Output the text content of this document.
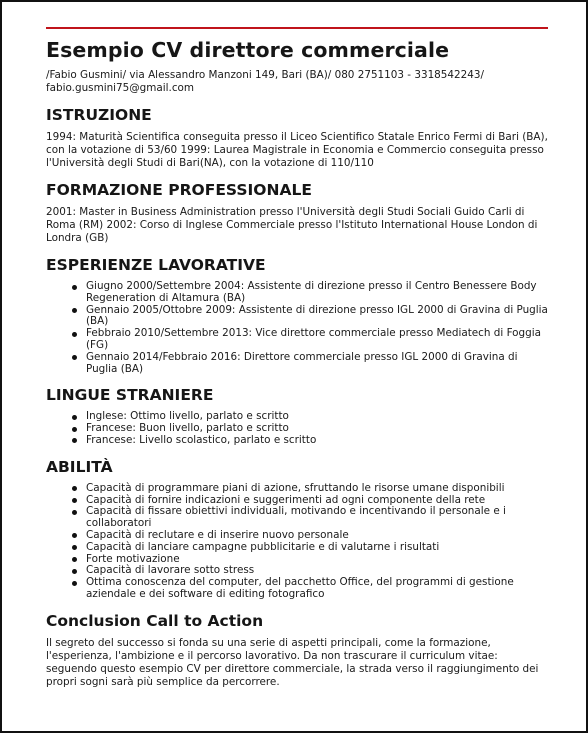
Esempio CV direttore commerciale
/Fabio Gusmini/ via Alessandro Manzoni 149, Bari (BA)/ 080 2751103 - 3318542243/ fabio.gusmini75@gmail.com
ISTRUZIONE

1994: Maturità Scientifica conseguita presso il Liceo Scientifico Statale Enrico Fermi di Bari (BA), con la votazione di 53/60 1999: Laurea Magistrale in Economia e Commercio conseguita presso l'Università degli Studi di Bari(NA), con la votazione di 110/110

FORMAZIONE PROFESSIONALE

2001: Master in Business Administration presso l'Università degli Studi Sociali Guido Carli di Roma (RM) 2002: Corso di Inglese Commerciale presso l'Istituto International House London di Londra (GB)

ESPERIENZE LAVORATIVE
Giugno 2000/Settembre 2004: Assistente di direzione presso il Centro Benessere Body Regeneration di Altamura (BA)
Gennaio 2005/Ottobre 2009: Assistente di direzione presso IGL 2000 di Gravina di Puglia (BA)
Febbraio 2010/Settembre 2013: Vice direttore commerciale presso Mediatech di Foggia (FG)
Gennaio 2014/Febbraio 2016: Direttore commerciale presso IGL 2000 di Gravina di Puglia (BA)
LINGUE STRANIERE
Inglese: Ottimo livello, parlato e scritto
Francese: Buon livello, parlato e scritto
Francese: Livello scolastico, parlato e scritto
ABILITÀ
Capacità di programmare piani di azione, sfruttando le risorse umane disponibili
Capacità di fornire indicazioni e suggerimenti ad ogni componente della rete
Capacità di fissare obiettivi individuali, motivando e incentivando il personale e i collaboratori
Capacità di reclutare e di inserire nuovo personale
Capacità di lanciare campagne pubblicitarie e di valutarne i risultati
Forte motivazione
Capacità di lavorare sotto stress
Ottima conoscenza del computer, del pacchetto Office, del programmi di gestione aziendale e dei software di editing fotografico
Conclusion Call to Action

Il segreto del successo si fonda su una serie di aspetti principali, come la formazione, l'esperienza, l'ambizione e il percorso lavorativo. Da non trascurare il curriculum vitae: seguendo questo esempio CV per direttore commerciale, la strada verso il raggiungimento dei propri sogni sarà più semplice da percorrere.
